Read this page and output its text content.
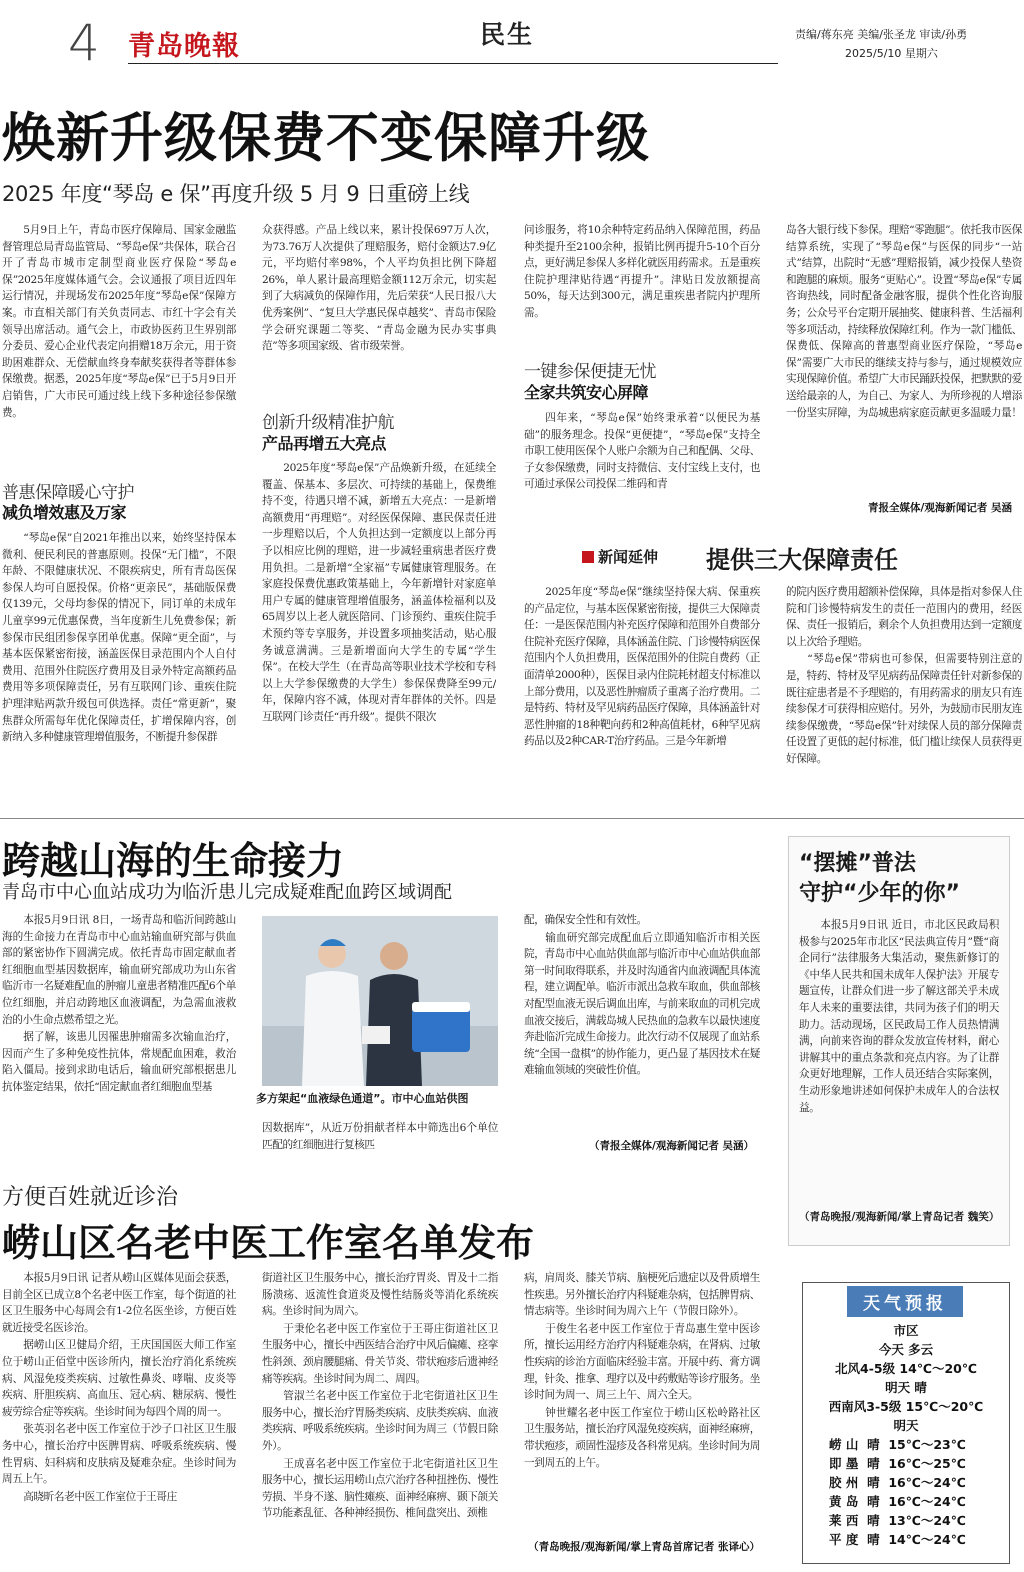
4 青岛晚報	民生	责编/蒋东亮 美编/张圣龙 审读/孙勇
2025/5/10 星期六
焕新升级保费不变保障升级
2025 年度“琴岛 e 保”再度升级 5 月 9 日重磅上线
5月9日上午，青岛市医疗保障局、国家金融监督管理总局青岛监管局、“琴岛e保”共保体，联合召开了青岛市城市定制型商业医疗保险“琴岛e保”2025年度媒体通气会。会议通报了项目近四年运行情况，并现场发布2025年度“琴岛e保”保障方案。市直相关部门有关负责同志、市红十字会有关领导出席活动。通气会上，市政协医药卫生界别部分委员、爱心企业代表定向捐赠18万余元，用于资助困难群众、无偿献血终身奉献奖获得者等群体参保缴费。据悉，2025年度“琴岛e保”已于5月9日开启销售，广大市民可通过线上线下多种途径参保缴费。
普惠保障暖心守护
减负增效惠及万家
“琴岛e保”自2021年推出以来，始终坚持保本微利、便民利民的普惠原则。投保“无门槛”，不限年龄、不限健康状况、不限疾病史，所有青岛医保参保人均可自愿投保。价格“更亲民”，基础版保费仅139元，父母均参保的情况下，同订单的未成年儿童享99元优惠保费，当年度新生儿免费参保；新参保市民组团参保享团单优惠。保障“更全面”，与基本医保紧密衔接，涵盖医保目录范围内个人自付费用、范围外住院医疗费用及目录外特定高额药品费用等多项保障责任，另有互联网门诊、重疾住院护理津贴两款升级包可供选择。责任“常更新”，聚焦群众所需每年优化保障责任，扩增保障内容，创新纳入多种健康管理增值服务，不断提升参保群
众获得感。产品上线以来，累计投保697万人次，为73.76万人次提供了理赔服务，赔付金额达7.9亿元，平均赔付率98%，个人平均负担比例下降超26%，单人累计最高理赔金额112万余元，切实起到了大病减负的保障作用，先后荣获“人民日报八大优秀案例”、“复旦大学惠民保卓越奖”、青岛市保险学会研究课题二等奖、“青岛金融为民办实事典范”等多项国家级、省市级荣誉。
创新升级精准护航
产品再增五大亮点
2025年度“琴岛e保”产品焕新升级，在延续全覆盖、保基本、多层次、可持续的基础上，保费维持不变，待遇只增不减，新增五大亮点：一是新增高额费用“再理赔”。对经医保保障、惠民保责任进一步理赔以后，个人负担达到一定额度以上部分再予以相应比例的理赔，进一步减轻重病患者医疗费用负担。二是新增“全家福”专属健康管理服务。在家庭投保费优惠政策基础上，今年新增针对家庭单用户专属的健康管理增值服务，涵盖体检福利以及65周岁以上老人就医陪同、门诊预约、重疾住院手术预约等专享服务，并设置多项抽奖活动，贴心服务诚意满满。三是新增面向大学生的专属“学生保”。在校大学生（在青岛高等职业技术学校和专科以上大学参保缴费的大学生）参保保费降至99元/年，保障内容不减，体现对青年群体的关怀。四是互联网门诊责任“再升级”。提供不限次
问诊服务，将10余种特定药品纳入保障范围，药品种类提升至2100余种，报销比例再提升5-10个百分点，更好满足参保人多样化就医用药需求。五是重疾住院护理津贴待遇“再提升”。津贴日发放额提高50%，每天达到300元，满足重疾患者院内护理所需。
一键参保便捷无忧
全家共筑安心屏障
四年来，“琴岛e保”始终秉承着“以便民为基础”的服务理念。投保“更便捷”，“琴岛e保”支持全市职工使用医保个人账户余额为自己和配偶、父母、子女参保缴费，同时支持微信、支付宝线上支付，也可通过承保公司投保二维码和青
岛各大银行线下参保。理赔“零跑腿”。依托我市医保结算系统，实现了“琴岛e保”与医保的同步“一站式”结算，出院时“无感”理赔报销，减少投保人垫资和跑腿的麻烦。服务“更贴心”。设置“琴岛e保”专属咨询热线，同时配备金融客服，提供个性化咨询服务；公众号平台定期开展抽奖、健康科普、生活福利等多项活动，持续释放保障红利。作为一款门槛低、保费低、保障高的普惠型商业医疗保险，“琴岛e保”需要广大市民的继续支持与参与，通过规模效应实现保障价值。希望广大市民踊跃投保，把默默的爱送给最亲的人，为自己、为家人、为所珍视的人增添一份坚实屏障，为岛城患病家庭贡献更多温暖力量！
青报全媒体/观海新闻记者 吴涵
新闻延伸 提供三大保障责任
2025年度“琴岛e保”继续坚持保大病、保重疾的产品定位，与基本医保紧密衔接，提供三大保障责任：一是医保范围内补充医疗保障和范围外自费部分住院补充医疗保障，具体涵盖住院、门诊慢特病医保范围内个人负担费用，医保范围外的住院自费药（正面清单2000种），医保目录内住院耗材超支付标准以上部分费用，以及恶性肿瘤质子重离子治疗费用。二是特药、特材及罕见病药品医疗保障，具体涵盖针对恶性肿瘤的18种靶向药和2种高值耗材，6种罕见病药品以及2种CAR-T治疗药品。三是今年新增
的院内医疗费用超额补偿保障，具体是指对参保人住院和门诊慢特病发生的责任一范围内的费用，经医保、责任一报销后，剩余个人负担费用达到一定额度以上次给予理赔。
“琴岛e保”带病也可参保，但需要特别注意的是，特药、特材及罕见病药品保障责任针对新参保的既往症患者是不予理赔的，有用药需求的朋友只有连续参保才可获得相应赔付。另外，为鼓励市民朋友连续参保缴费，“琴岛e保”针对续保人员的部分保障责任设置了更低的起付标准，低门槛让续保人员获得更好保障。
跨越山海的生命接力
青岛市中心血站成功为临沂患儿完成疑难配血跨区域调配
本报5月9日讯 8日，一场青岛和临沂间跨越山海的生命接力在青岛市中心血站输血研究部与供血部的紧密协作下圆满完成。依托青岛市固定献血者红细胞血型基因数据库，输血研究部成功为山东省临沂市一名疑难配血的肿瘤儿童患者精准匹配6个单位红细胞，并启动跨地区血液调配，为急需血液救治的小生命点燃希望之光。
据了解，该患儿因罹患肿瘤需多次输血治疗，因而产生了多种免疫性抗体，常规配血困难，救治陷入僵局。接到求助电话后，输血研究部根据患儿抗体鉴定结果，依托“固定献血者红细胞血型基
多方架起“血液绿色通道”。市中心血站供图
因数据库”，从近万份捐献者样本中筛选出6个单位匹配的红细胞进行复核匹
配，确保安全性和有效性。
输血研究部完成配血后立即通知临沂市相关医院，青岛市中心血站供血部与临沂市中心血站供血部第一时间取得联系，并及时沟通省内血液调配具体流程，建立调配单。临沂市派出急救车取血，供血部核对配型血液无误后调血出库，与前来取血的司机完成血液交接后，满载岛城人民热血的急救车以最快速度奔赴临沂完成生命接力。此次行动不仅展现了血站系统“全国一盘棋”的协作能力，更凸显了基因技术在疑难输血领域的突破性价值。
（青报全媒体/观海新闻记者 吴涵）
“摆摊”普法
守护“少年的你”
本报5月9日讯 近日，市北区民政局积极参与2025年市北区“民法典宣传月”暨“商企同行”法律服务大集活动，聚焦新修订的《中华人民共和国未成年人保护法》开展专题宣传，让群众们进一步了解这部关乎未成年人未来的重要法律，共同为孩子们的明天助力。活动现场，区民政局工作人员热情满满，向前来咨询的群众发放宣传材料，耐心讲解其中的重点条款和亮点内容。为了让群众更好地理解，工作人员还结合实际案例，生动形象地讲述如何保护未成年人的合法权益。
（青岛晚报/观海新闻/掌上青岛记者 魏笑）
方便百姓就近诊治
崂山区名老中医工作室名单发布
本报5月9日讯 记者从崂山区媒体见面会获悉，目前全区已成立8个名老中医工作室，每个街道的社区卫生服务中心每周会有1-2位名医坐诊，方便百姓就近接受名医诊治。
据崂山区卫健局介绍，王庆国国医大师工作室位于崂山正佰堂中医诊所内，擅长治疗消化系统疾病、风湿免疫类疾病、过敏性鼻炎、哮喘、皮炎等疾病、肝胆疾病、高血压、冠心病、糖尿病、慢性疲劳综合症等疾病。坐诊时间为每四个周的周一。
张英羽名老中医工作室位于沙子口社区卫生服务中心，擅长治疗中医脾胃病、呼吸系统疾病、慢性胃病、妇科病和皮肤病及疑难杂症。坐诊时间为周五上午。
高晓昕名老中医工作室位于王哥庄
街道社区卫生服务中心，擅长治疗胃炎、胃及十二指肠溃疡、返流性食道炎及慢性结肠炎等消化系统疾病。坐诊时间为周六。
于秉伦名老中医工作室位于王哥庄街道社区卫生服务中心，擅长中西医结合治疗中风后偏瘫、痉挛性斜颈、颈肩腰腿痛、骨关节炎、带状疱疹后遗神经痛等疾病。坐诊时间为周二、周四。
管淑兰名老中医工作室位于北宅街道社区卫生服务中心，擅长治疗胃肠类疾病、皮肤类疾病、血液类疾病、呼吸系统疾病。坐诊时间为周三（节假日除外）。
王成喜名老中医工作室位于北宅街道社区卫生服务中心，擅长运用崂山点穴治疗各种扭挫伤、慢性劳损、半身不遂、脑性瘫痪、面神经麻痹、颞下颌关节功能紊乱征、各种神经损伤、椎间盘突出、颈椎
病，肩周炎、膝关节病、脑梗死后遗症以及骨质增生性疾患。另外擅长治疗内科疑难杂病，包括脾胃病、情志病等。坐诊时间为周六上午（节假日除外）。
于俊生名老中医工作室位于青岛惠生堂中医诊所，擅长运用经方治疗内科疑难杂病，在肾病、过敏性疾病的诊治方面临床经验丰富。开展中药、膏方调理，针灸、推拿、理疗以及中药敷贴等诊疗服务。坐诊时间为周一、周三上午、周六全天。
钟世耀名老中医工作室位于崂山区松岭路社区卫生服务站，擅长治疗风湿免疫疾病，面神经麻痹，带状疱疹，顽固性湿疹及各科常见病。坐诊时间为周一到周五的上午。
（青岛晚报/观海新闻/掌上青岛首席记者 张译心）
天气预报
市区
今天 多云
北风4-5级 14℃～20℃
明天 晴
西南风3-5级 15℃～20℃
明天
崂 山 晴 15℃～23℃
即 墨 晴 16℃～25℃
胶 州 晴 16℃～24℃
黄 岛 晴 16℃～24℃
莱 西 晴 13℃～24℃
平 度 晴 14℃～24℃
